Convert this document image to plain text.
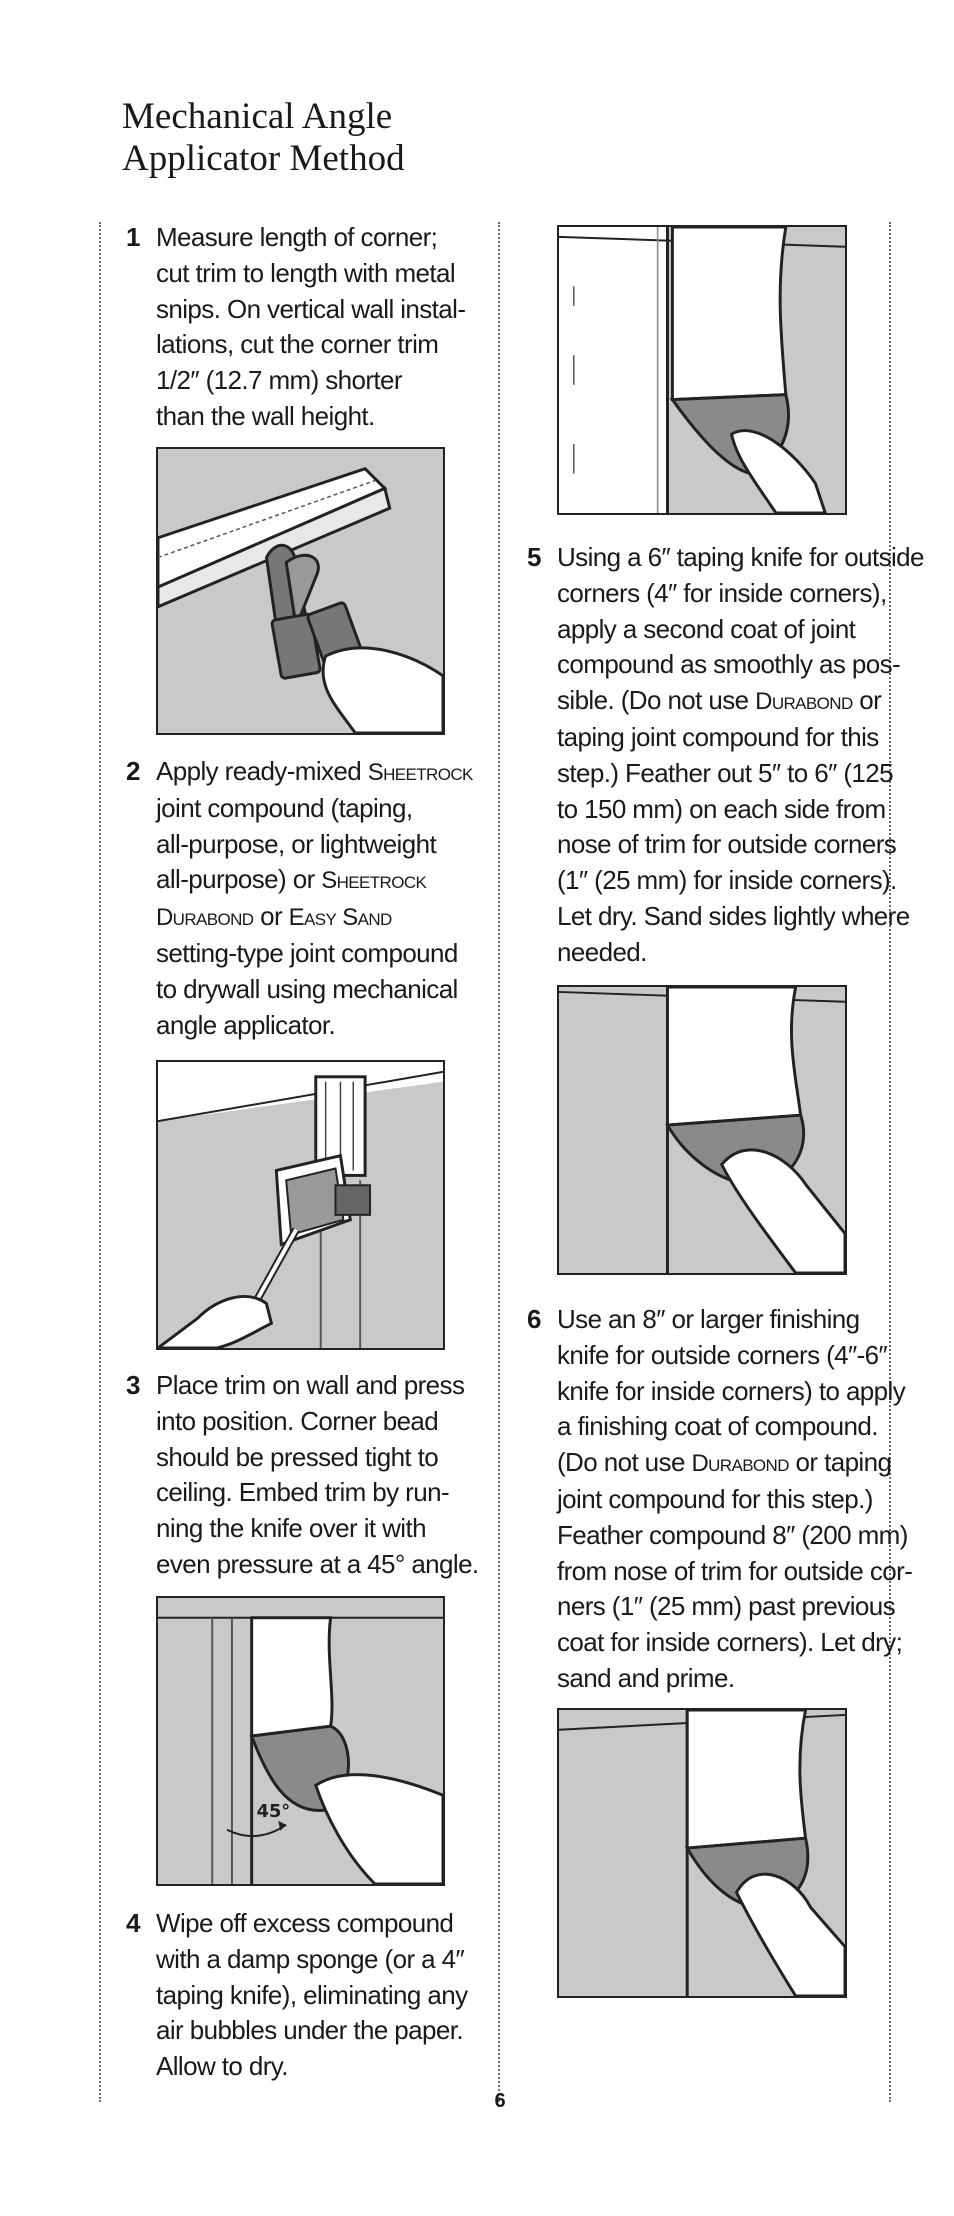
Mechanical Angle
Applicator Method
1 Measure length of corner;
cut trim to length with metal
snips. On vertical wall instal-
lations, cut the corner trim
1/2″ (12.7 mm) shorter
than the wall height.
2 Apply ready-mixed Sheetrock
joint compound (taping,
all-purpose, or lightweight
all-purpose) or Sheetrock
Durabond or Easy Sand
setting-type joint compound
to drywall using mechanical
angle applicator.
3 Place trim on wall and press
into position. Corner bead
should be pressed tight to
ceiling. Embed trim by run-
ning the knife over it with
even pressure at a 45° angle.
45°
4 Wipe off excess compound
with a damp sponge (or a 4″
taping knife), eliminating any
air bubbles under the paper.
Allow to dry.
5 Using a 6″ taping knife for outside
corners (4″ for inside corners),
apply a second coat of joint
compound as smoothly as pos-
sible. (Do not use Durabond or
taping joint compound for this
step.) Feather out 5″ to 6″ (125
to 150 mm) on each side from
nose of trim for outside corners
(1″ (25 mm) for inside corners).
Let dry. Sand sides lightly where
needed.
6 Use an 8″ or larger finishing
knife for outside corners (4″-6″
knife for inside corners) to apply
a finishing coat of compound.
(Do not use Durabond or taping
joint compound for this step.)
Feather compound 8″ (200 mm)
from nose of trim for outside cor-
ners (1″ (25 mm) past previous
coat for inside corners). Let dry;
sand and prime.
6
